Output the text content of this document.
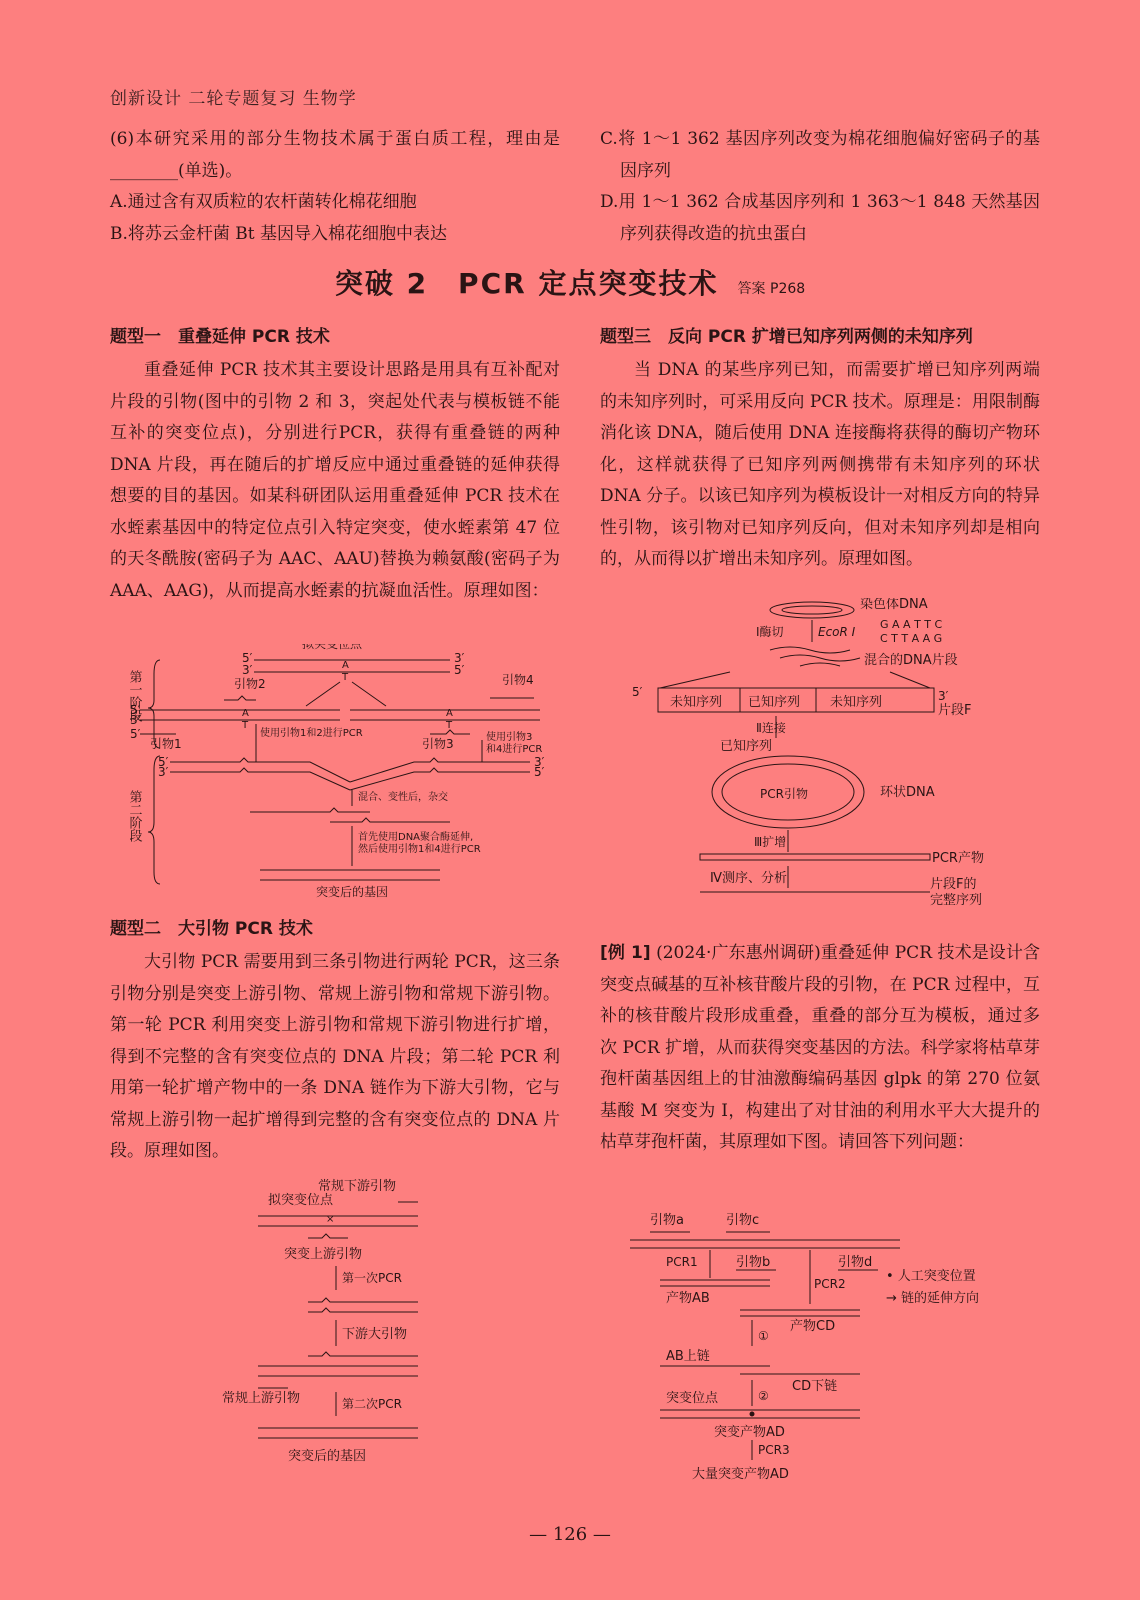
创新设计 二轮专题复习 生物学

(6)本研究采用的部分生物技术属于蛋白质工程，理由是________(单选)。

A.通过含有双质粒的农杆菌转化棉花细胞

B.将苏云金杆菌 Bt 基因导入棉花细胞中表达

C.将 1～1 362 基因序列改变为棉花细胞偏好密码子的基因序列

D.用 1～1 362 合成基因序列和 1 363～1 848 天然基因序列获得改造的抗虫蛋白

突破 2　PCR 定点突变技术 答案 P268
题型一　重叠延伸 PCR 技术

重叠延伸 PCR 技术其主要设计思路是用具有互补配对片段的引物(图中的引物 2 和 3，突起处代表与模板链不能互补的突变位点)，分别进行PCR，获得有重叠链的两种 DNA 片段，再在随后的扩增反应中通过重叠链的延伸获得想要的目的基因。如某科研团队运用重叠延伸 PCR 技术在水蛭素基因中的特定位点引入特定突变，使水蛭素第 47 位的天冬酰胺(密码子为 AAC、AAU)替换为赖氨酸(密码子为 AAA、AAG)，从而提高水蛭素的抗凝血活性。原理如图：

第一阶段
第二阶段
拟突变位点
5′	3′
3′	5′
A
T
引物2	引物4
5′
3′
5′
A
T
引物1
A
T
引物3
使用引物1和2进行PCR	使用引物3
和4进行PCR
5′
3′
3′
5′
混合、变性后，杂交
首先使用DNA聚合酶延伸,
然后使用引物1和4进行PCR
突变后的基因
题型二　大引物 PCR 技术

大引物 PCR 需要用到三条引物进行两轮 PCR，这三条引物分别是突变上游引物、常规上游引物和常规下游引物。第一轮 PCR 利用突变上游引物和常规下游引物进行扩增，得到不完整的含有突变位点的 DNA 片段；第二轮 PCR 利用第一轮扩增产物中的一条 DNA 链作为下游大引物，它与常规上游引物一起扩增得到完整的含有突变位点的 DNA 片段。原理如图。

常规下游引物
拟突变位点
×
突变上游引物
第一次PCR
下游大引物
常规上游引物	第二次PCR
突变后的基因
题型三　反向 PCR 扩增已知序列两侧的未知序列

当 DNA 的某些序列已知，而需要扩增已知序列两端的未知序列时，可采用反向 PCR 技术。原理是：用限制酶消化该 DNA，随后使用 DNA 连接酶将获得的酶切产物环化，这样就获得了已知序列两侧携带有未知序列的环状 DNA 分子。以该已知序列为模板设计一对相反方向的特异性引物，该引物对已知序列反向，但对未知序列却是相向的，从而得以扩增出未知序列。原理如图。

染色体DNA
Ⅰ酶切	EcoR Ⅰ
G A A T T C
C T T A A G
混合的DNA片段
5′
未知序列 已知序列 未知序列	3′
片段F
Ⅱ连接
已知序列
PCR引物	环状DNA
Ⅲ扩增
PCR产物
Ⅳ测序、分析	片段F的
完整序列

[例 1] (2024·广东惠州调研)重叠延伸 PCR 技术是设计含突变点碱基的互补核苷酸片段的引物，在 PCR 过程中，互补的核苷酸片段形成重叠，重叠的部分互为模板，通过多次 PCR 扩增，从而获得突变基因的方法。科学家将枯草芽孢杆菌基因组上的甘油激酶编码基因 glpk 的第 270 位氨基酸 M 突变为 I，构建出了对甘油的利用水平大大提升的枯草芽孢杆菌，其原理如下图。请回答下列问题：

引物a	引物c
PCR1	引物b	引物d
PCR2
产物AB
产物CD
• 人工突变位置
→ 链的延伸方向
①
AB上链
CD下链
②
突变位点
突变产物AD
PCR3
大量突变产物AD
— 126 —
